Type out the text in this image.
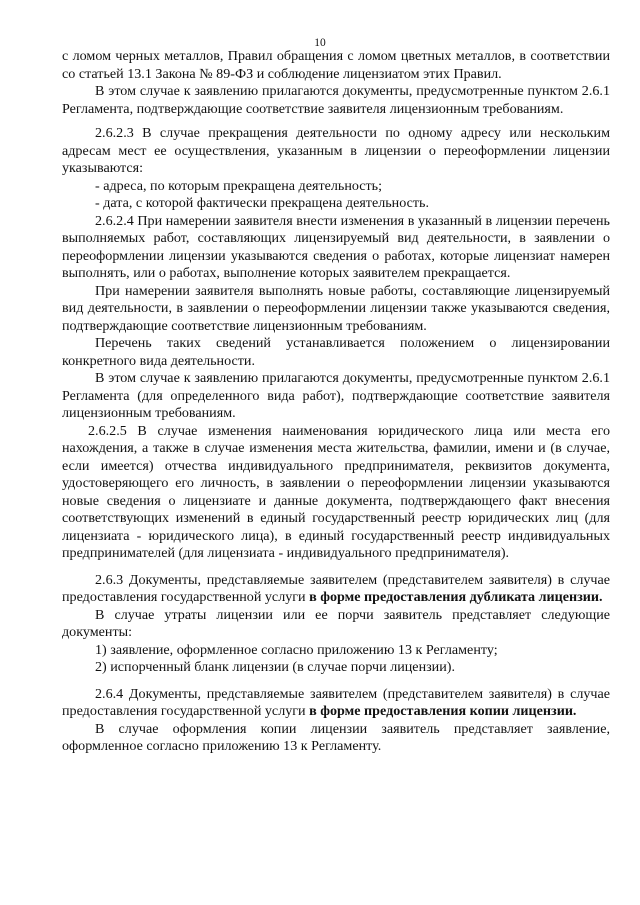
10

с ломом черных металлов, Правил обращения с ломом цветных металлов, в соответствии со статьей 13.1 Закона № 89-ФЗ и соблюдение лицензиатом этих Правил.

В этом случае к заявлению прилагаются документы, предусмотренные пунктом 2.6.1 Регламента, подтверждающие соответствие заявителя лицензионным требованиям.

2.6.2.3 В случае прекращения деятельности по одному адресу или нескольким адресам мест ее осуществления, указанным в лицензии о переоформлении лицензии указываются:

- адреса, по которым прекращена деятельность;

- дата, с которой фактически прекращена деятельность.

2.6.2.4 При намерении заявителя внести изменения в указанный в лицензии перечень выполняемых работ, составляющих лицензируемый вид деятельности, в заявлении о переоформлении лицензии указываются сведения о работах, которые лицензиат намерен выполнять, или о работах, выполнение которых заявителем прекращается.

При намерении заявителя выполнять новые работы, составляющие лицензируемый вид деятельности, в заявлении о переоформлении лицензии также указываются сведения, подтверждающие соответствие лицензионным требованиям.

Перечень таких сведений устанавливается положением о лицензировании конкретного вида деятельности.

В этом случае к заявлению прилагаются документы, предусмотренные пунктом 2.6.1 Регламента (для определенного вида работ), подтверждающие соответствие заявителя лицензионным требованиям.

2.6.2.5 В случае изменения наименования юридического лица или места его нахождения, а также в случае изменения места жительства, фамилии, имени и (в случае, если имеется) отчества индивидуального предпринимателя, реквизитов документа, удостоверяющего его личность, в заявлении о переоформлении лицензии указываются новые сведения о лицензиате и данные документа, подтверждающего факт внесения соответствующих изменений в единый государственный реестр юридических лиц (для лицензиата - юридического лица), в единый государственный реестр индивидуальных предпринимателей (для лицензиата - индивидуального предпринимателя).

2.6.3 Документы, представляемые заявителем (представителем заявителя) в случае предоставления государственной услуги в форме предоставления дубликата лицензии.

В случае утраты лицензии или ее порчи заявитель представляет следующие документы:

1) заявление, оформленное согласно приложению 13 к Регламенту;

2) испорченный бланк лицензии (в случае порчи лицензии).

2.6.4 Документы, представляемые заявителем (представителем заявителя) в случае предоставления государственной услуги в форме предоставления копии лицензии.

В случае оформления копии лицензии заявитель представляет заявление, оформленное согласно приложению 13 к Регламенту.
